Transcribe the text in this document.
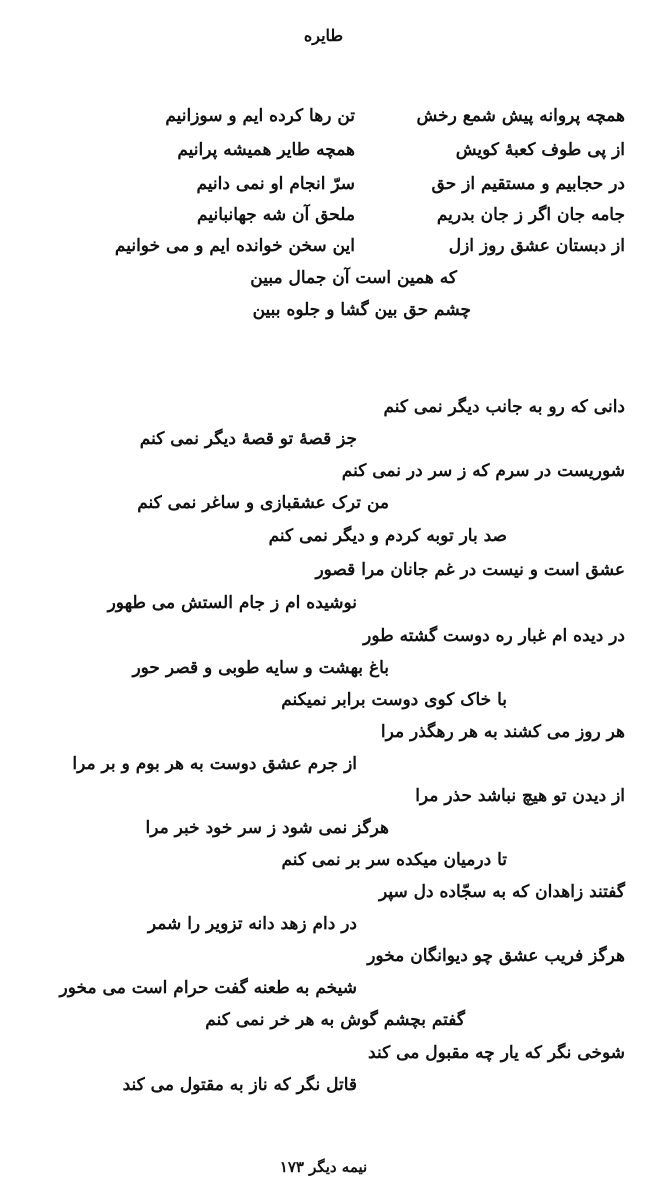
طایره
همچه پروانه پیش شمع رخش
تن رها کرده ایم و سوزانیم
از پی طوف کعبهٔ کویش
همچه طایر همیشه پرانیم
در حجابیم و مستقیم از حق
سرّ انجام او نمی دانیم
جامه جان اگر ز جان بدریم
ملحق آن شه جهانبانیم
از دبستان عشق روز ازل
این سخن خوانده ایم و می خوانیم
که همین است آن جمال مبین
چشم حق بین گشا و جلوه ببین
دانی که رو به جانب دیگر نمی کنم
جز قصهٔ تو قصهٔ دیگر نمی کنم
شوریست در سرم که ز سر در نمی کنم
من ترک عشقبازی و ساغر نمی کنم
صد بار توبه کردم و دیگر نمی کنم
عشق است و نیست در غم جانان مرا قصور
نوشیده ام ز جام الستش می طهور
در دیده ام غبار ره دوست گشته طور
باغ بهشت و سایه طوبی و قصر حور
با خاک کوی دوست برابر نمیکنم
هر روز می کشند به هر رهگذر مرا
از جرم عشق دوست به هر بوم و بر مرا
از دیدن تو هیچ نباشد حذر مرا
هرگز نمی شود ز سر خود خبر مرا
تا درمیان میکده سر بر نمی کنم
گفتند زاهدان که به سجّاده دل سپر
در دام زهد دانه تزویر را شمر
هرگز فریب عشق چو دیوانگان مخور
شیخم به طعنه گفت حرام است می مخور
گفتم بچشم گوش به هر خر نمی کنم
شوخی نگر که یار چه مقبول می کند
قاتل نگر که ناز به مقتول می کند
نیمه دیگر ۱۷۳
